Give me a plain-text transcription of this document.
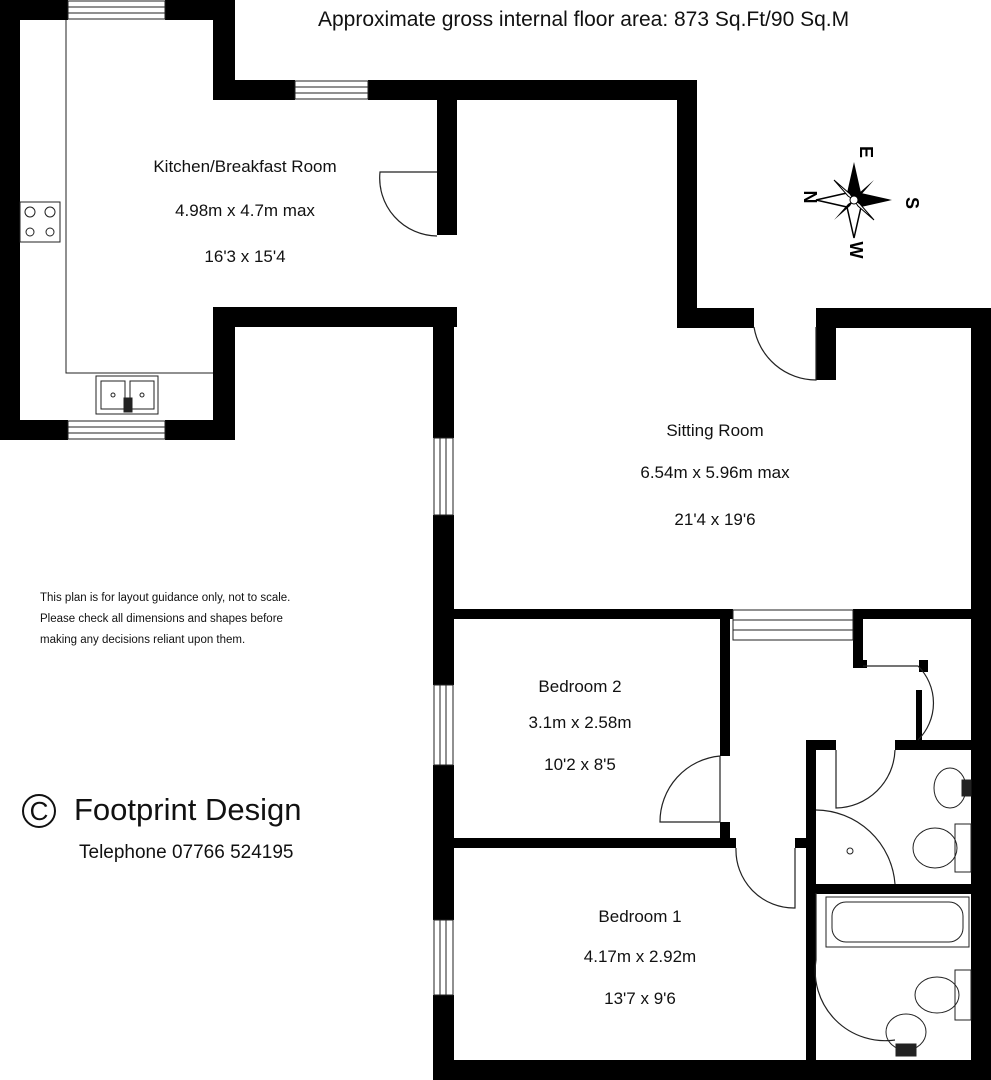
N
E
S
W
Approximate gross internal floor area: 873 Sq.Ft/90 Sq.M
Kitchen/Breakfast Room
4.98m x 4.7m max
16'3 x 15'4
Sitting Room
6.54m x 5.96m max
21'4 x 19'6
Bedroom 2
3.1m x 2.58m
10'2 x 8'5
Bedroom 1
4.17m x 2.92m
13'7 x 9'6
This plan is for layout guidance only, not to scale.
Please check all dimensions and shapes before
making any decisions reliant upon them.
C Footprint Design
Telephone 07766 524195
